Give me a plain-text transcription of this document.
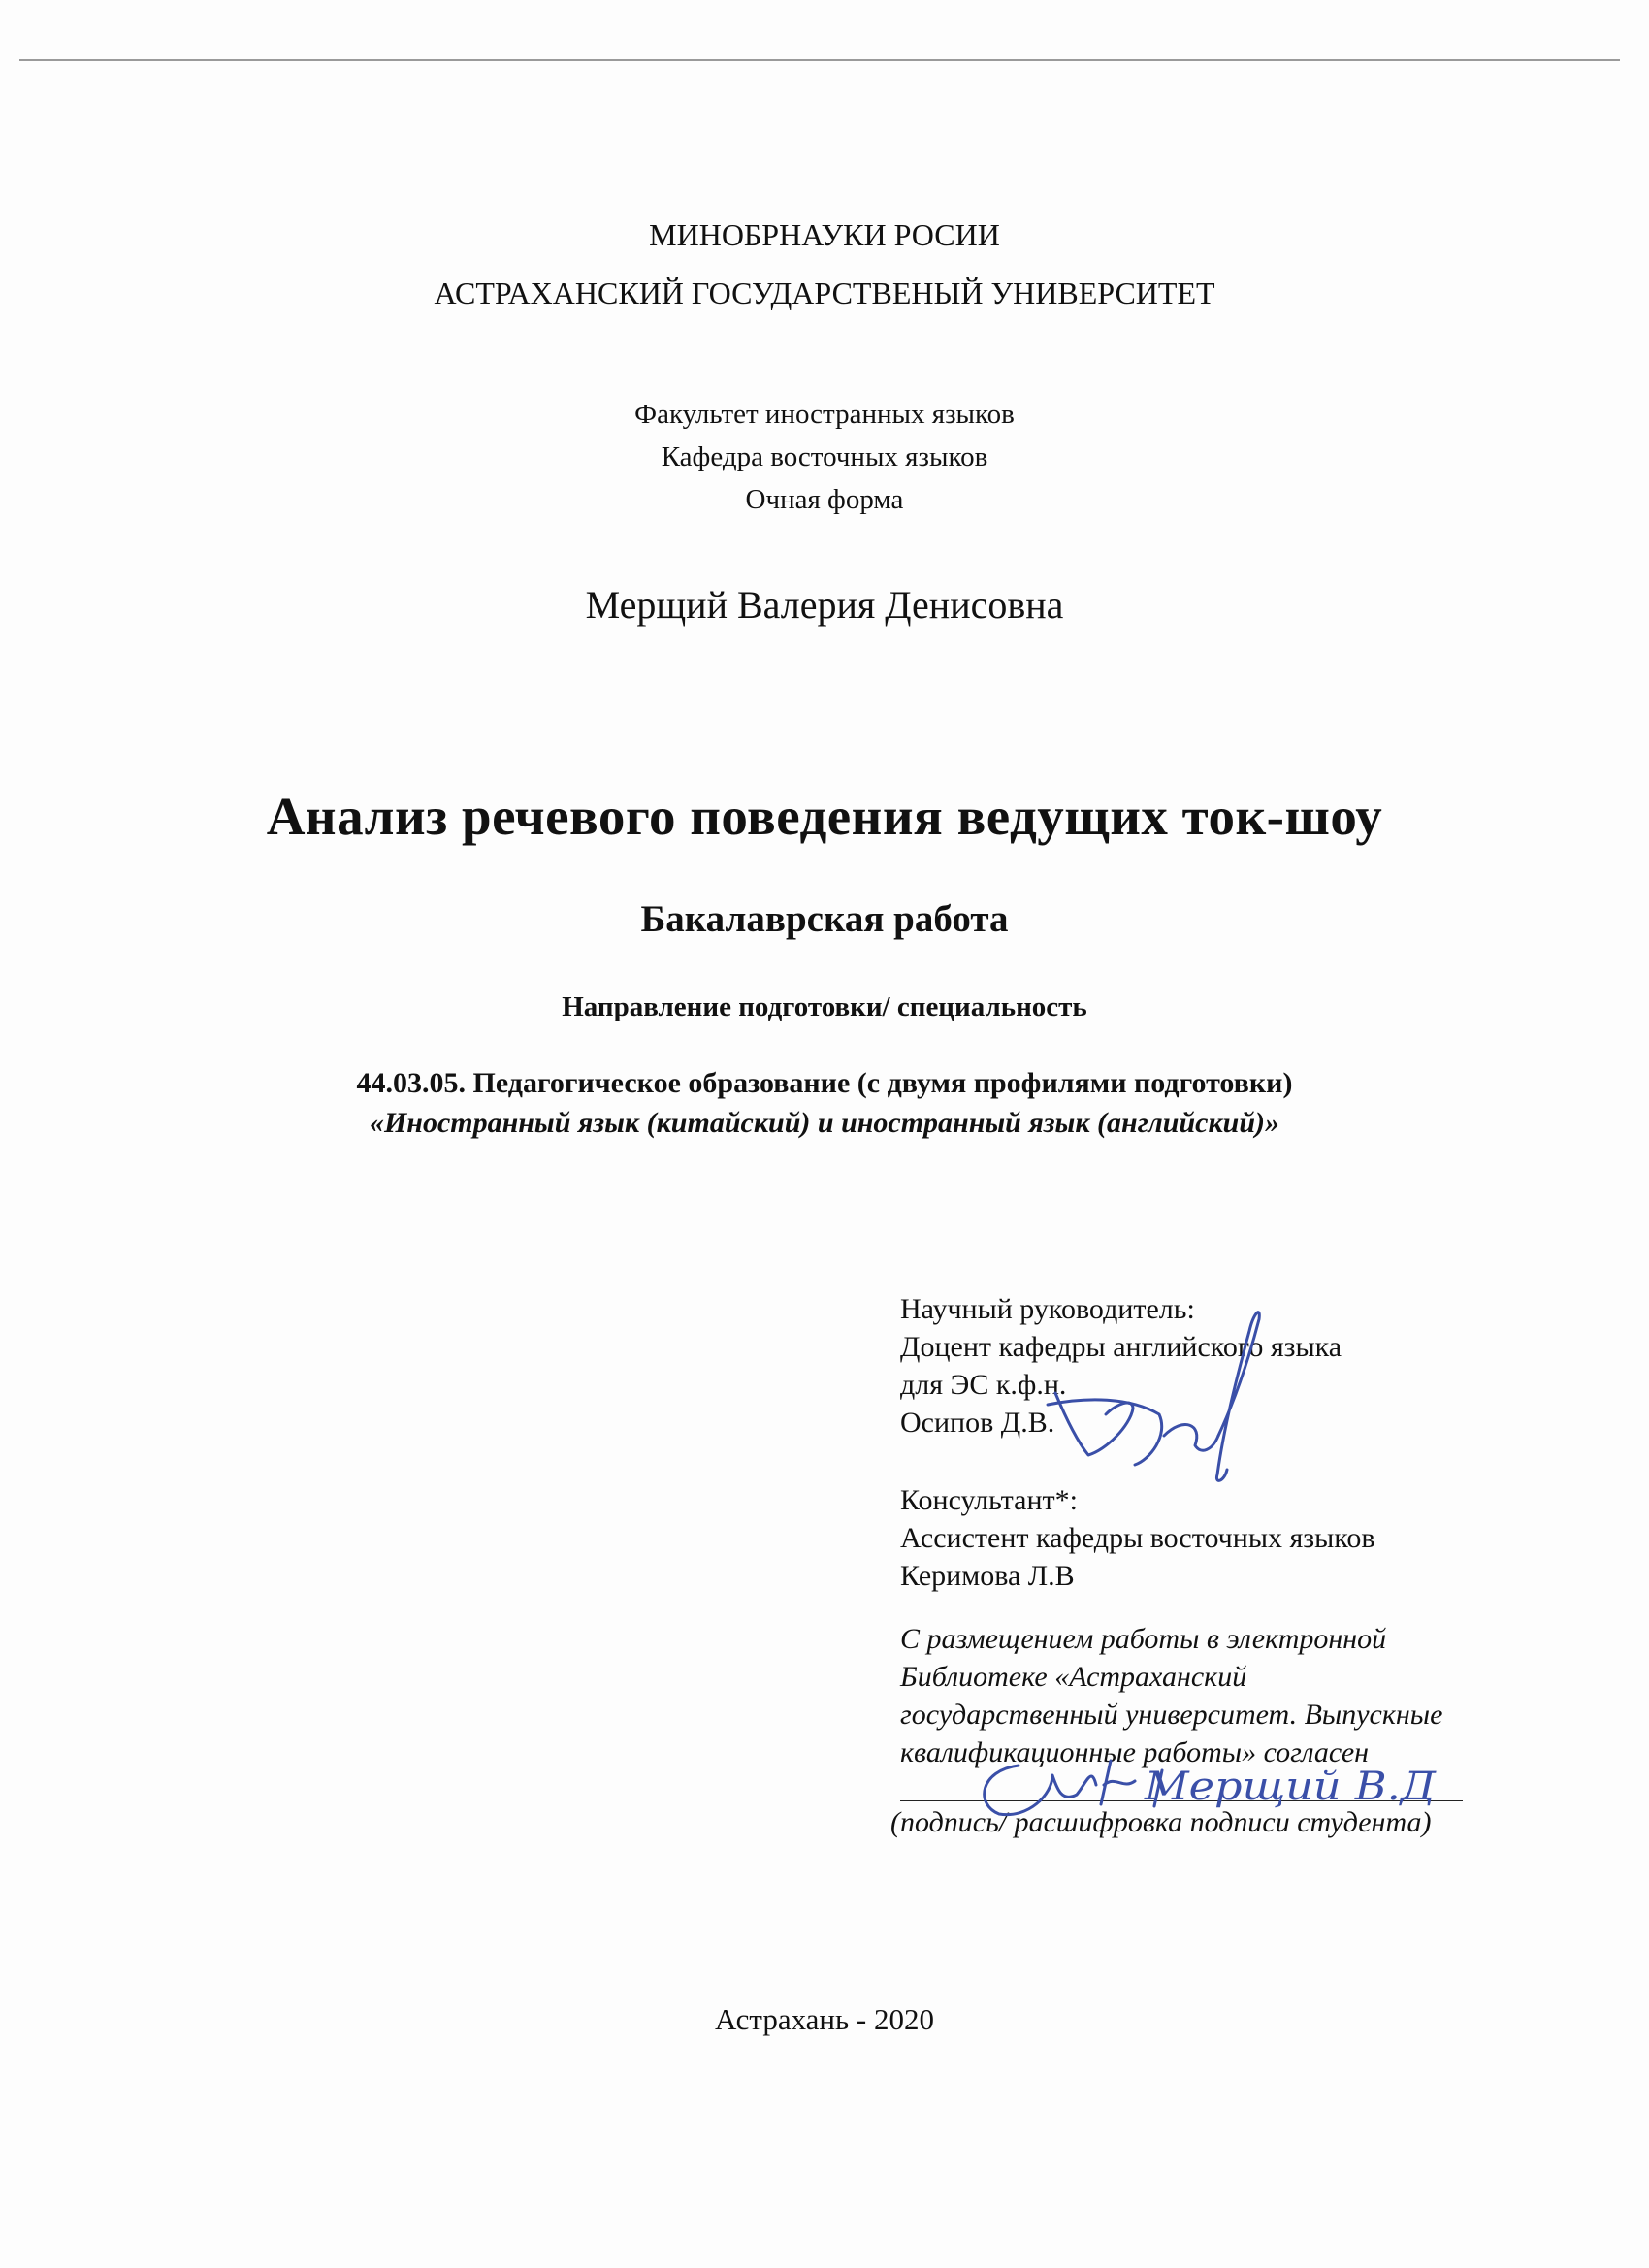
МИНОБРНАУКИ РОСИИ
АСТРАХАНСКИЙ ГОСУДАРСТВЕНЫЙ УНИВЕРСИТЕТ
Факультет иностранных языков
Кафедра восточных языков
Очная форма
Мерщий Валерия Денисовна
Анализ речевого поведения ведущих ток-шоу
Бакалаврская работа
Направление подготовки/ специальность
44.03.05. Педагогическое образование (с двумя профилями подготовки)
«Иностранный язык (китайский) и иностранный язык (английский)»
Научный руководитель:
Доцент кафедры английского языка
для ЭС к.ф.н.
Осипов Д.В.
Консультант*:
Ассистент кафедры восточных языков
Керимова Л.В
С размещением работы в электронной
Библиотеке «Астраханский
государственный университет. Выпускные
квалификационные работы» согласен
(подпись/ расшифровка подписи студента)
Астрахань - 2020
Мерщий В.Д
